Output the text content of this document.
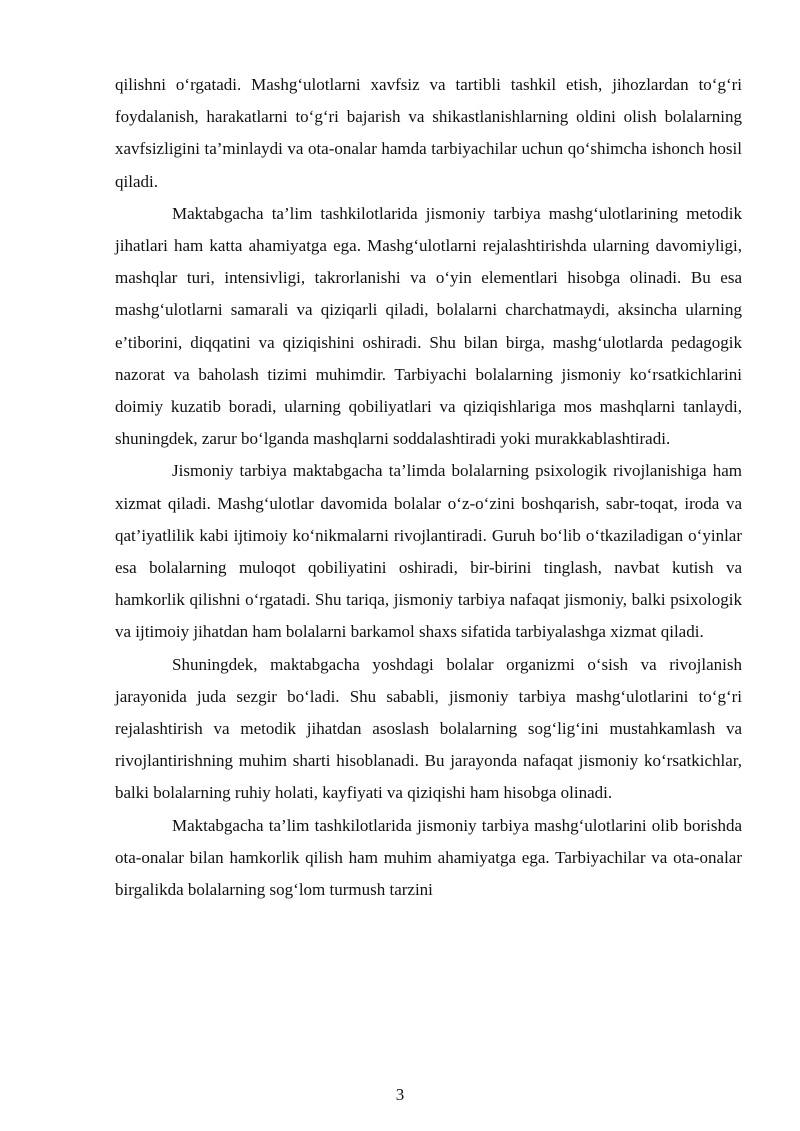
qilishni o‘rgatadi. Mashg‘ulotlarni xavfsiz va tartibli tashkil etish, jihozlardan to‘g‘ri foydalanish, harakatlarni to‘g‘ri bajarish va shikastlanishlarning oldini olish bolalarning xavfsizligini ta’minlaydi va ota-onalar hamda tarbiyachilar uchun qo‘shimcha ishonch hosil qiladi.

Maktabgacha ta’lim tashkilotlarida jismoniy tarbiya mashg‘ulotlarining metodik jihatlari ham katta ahamiyatga ega. Mashg‘ulotlarni rejalashtirishda ularning davomiyligi, mashqlar turi, intensivligi, takrorlanishi va o‘yin elementlari hisobga olinadi. Bu esa mashg‘ulotlarni samarali va qiziqarli qiladi, bolalarni charchatmaydi, aksincha ularning e’tiborini, diqqatini va qiziqishini oshiradi. Shu bilan birga, mashg‘ulotlarda pedagogik nazorat va baholash tizimi muhimdir. Tarbiyachi bolalarning jismoniy ko‘rsatkichlarini doimiy kuzatib boradi, ularning qobiliyatlari va qiziqishlariga mos mashqlarni tanlaydi, shuningdek, zarur bo‘lganda mashqlarni soddalashtiradi yoki murakkablashtiradi.

Jismoniy tarbiya maktabgacha ta’limda bolalarning psixologik rivojlanishiga ham xizmat qiladi. Mashg‘ulotlar davomida bolalar o‘z-o‘zini boshqarish, sabr-toqat, iroda va qat’iyatlilik kabi ijtimoiy ko‘nikmalarni rivojlantiradi. Guruh bo‘lib o‘tkaziladigan o‘yinlar esa bolalarning muloqot qobiliyatini oshiradi, bir-birini tinglash, navbat kutish va hamkorlik qilishni o‘rgatadi. Shu tariqa, jismoniy tarbiya nafaqat jismoniy, balki psixologik va ijtimoiy jihatdan ham bolalarni barkamol shaxs sifatida tarbiyalashga xizmat qiladi.

Shuningdek, maktabgacha yoshdagi bolalar organizmi o‘sish va rivojlanish jarayonida juda sezgir bo‘ladi. Shu sababli, jismoniy tarbiya mashg‘ulotlarini to‘g‘ri rejalashtirish va metodik jihatdan asoslash bolalarning sog‘lig‘ini mustahkamlash va rivojlantirishning muhim sharti hisoblanadi. Bu jarayonda nafaqat jismoniy ko‘rsatkichlar, balki bolalarning ruhiy holati, kayfiyati va qiziqishi ham hisobga olinadi.

Maktabgacha ta’lim tashkilotlarida jismoniy tarbiya mashg‘ulotlarini olib borishda ota-onalar bilan hamkorlik qilish ham muhim ahamiyatga ega. Tarbiyachilar va ota-onalar birgalikda bolalarning sog‘lom turmush tarzini

3
